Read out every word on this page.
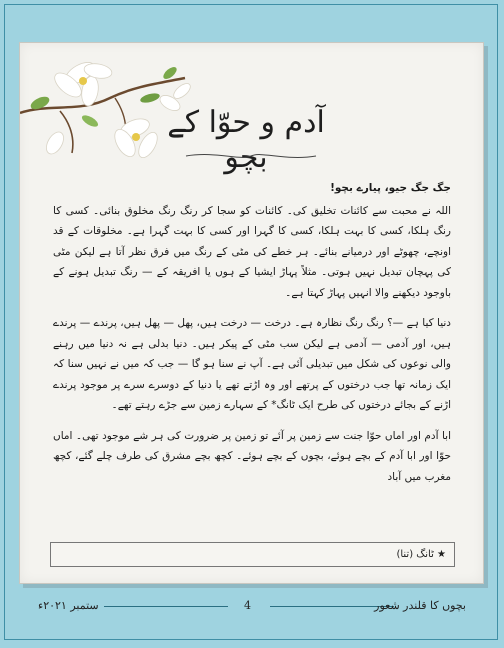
آدم و حوّا کے بچو

جگ جگ جیو، پیارے بچو!

اللہ نے محبت سے کائنات تخلیق کی۔ کائنات کو سجا کر رنگ رنگ مخلوق بنائی۔ کسی کا رنگ ہلکا، کسی کا بہت ہلکا، کسی کا گہرا اور کسی کا بہت گہرا ہے۔ مخلوقات کے قد اونچے، چھوٹے اور درمیانے بنائے۔ ہر خطے کی مٹی کے رنگ میں فرق نظر آتا ہے لیکن مٹی کی پہچان تبدیل نہیں ہوتی۔ مثلاً پہاڑ ایشیا کے ہوں یا افریقہ کے — رنگ تبدیل ہونے کے باوجود دیکھنے والا انہیں پہاڑ کہتا ہے۔

دنیا کیا ہے —؟ رنگ رنگ نظارہ ہے۔ درخت — درخت ہیں، پھل — پھل ہیں، پرندے — پرندے ہیں، اور آدمی — آدمی ہے لیکن سب مٹی کے پیکر ہیں۔ دنیا بدلی ہے نہ دنیا میں رہنے والی نوعوں کی شکل میں تبدیلی آئی ہے۔ آپ نے سنا ہو گا — جب کہ میں نے نہیں سنا کہ ایک زمانہ تھا جب درختوں کے پرتھے اور وہ اڑتے تھے یا دنیا کے دوسرے سرے پر موجود پرندے اڑنے کے بجائے درختوں کی طرح ایک ٹانگ* کے سہارے زمین سے جڑے رہتے تھے۔

ابا آدم اور اماں حوّا جنت سے زمین پر آئے تو زمین پر ضرورت کی ہر شے موجود تھی۔ اماں حوّا اور ابا آدم کے بچے ہوئے، بچوں کے بچے ہوئے۔ کچھ بچے مشرق کی طرف چلے گئے، کچھ مغرب میں آباد

★ ٹانگ (تنا)
ستمبر ۲۰۲۱ء	4	بچوں کا قلندر شعور
